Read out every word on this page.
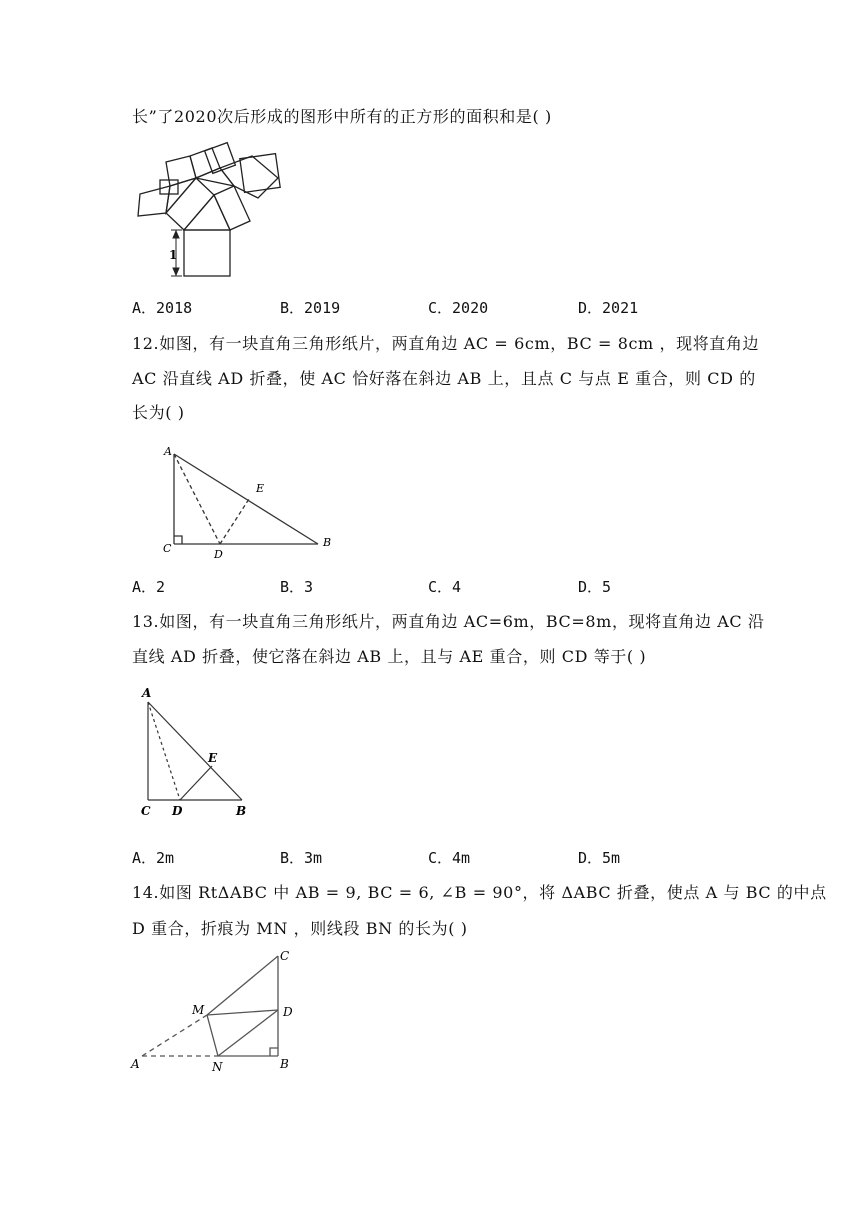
长”了2020次后形成的图形中所有的正方形的面积和是( )
1
A．2018	B．2019	C．2020	D．2021
12.如图，有一块直角三角形纸片，两直角边 AC = 6cm，BC = 8cm ，现将直角边
AC 沿直线 AD 折叠，使 AC 恰好落在斜边 AB 上，且点 C 与点 E 重合，则 CD 的
长为( )
A
C	D
B
E
A．2	B．3	C．4	D．5
13.如图，有一块直角三角形纸片，两直角边 AC=6m，BC=8m，现将直角边 AC 沿
直线 AD 折叠，使它落在斜边 AB 上，且与 AE 重合，则 CD 等于( )
A
C D	B
E
A．2m	B．3m	C．4m	D．5m
14.如图 RtΔABC 中 AB = 9, BC = 6, ∠B = 90°，将 ΔABC 折叠，使点 A 与 BC 的中点
D 重合，折痕为 MN ，则线段 BN 的长为( )
C
M	D
A	N	B
